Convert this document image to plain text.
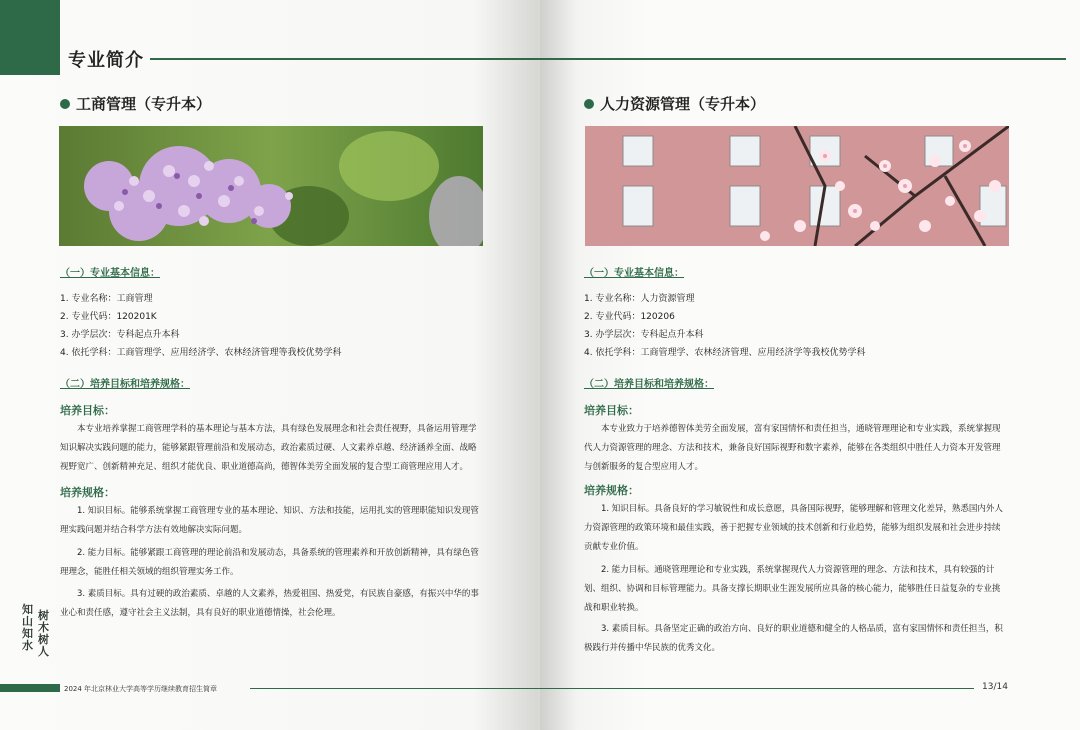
专业简介
工商管理（专升本）
（一）专业基本信息：
1. 专业名称：工商管理
2. 专业代码：120201K
3. 办学层次：专科起点升本科
4. 依托学科：工商管理学、应用经济学、农林经济管理等我校优势学科
（二）培养目标和培养规格：
培养目标：

本专业培养掌握工商管理学科的基本理论与基本方法，具有绿色发展理念和社会责任视野，具备运用管理学知识解决实践问题的能力，能够紧跟管理前沿和发展动态，政治素质过硬、人文素养卓越、经济涵养全面、战略视野宽广、创新精神充足、组织才能优良、职业道德高尚，德智体美劳全面发展的复合型工商管理应用人才。

培养规格：

1. 知识目标。能够系统掌握工商管理专业的基本理论、知识、方法和技能，运用扎实的管理职能知识发现管理实践问题并结合科学方法有效地解决实际问题。

2. 能力目标。能够紧跟工商管理的理论前沿和发展动态，具备系统的管理素养和开放创新精神，具有绿色管理理念，能胜任相关领域的组织管理实务工作。

3. 素质目标。具有过硬的政治素质、卓越的人文素养，热爱祖国、热爱党，有民族自豪感，有振兴中华的事业心和责任感，遵守社会主义法制，具有良好的职业道德情操，社会伦理。

知山知水
树木树人
人力资源管理（专升本）
（一）专业基本信息：
1. 专业名称：人力资源管理
2. 专业代码：120206
3. 办学层次：专科起点升本科
4. 依托学科：工商管理学、农林经济管理、应用经济学等我校优势学科
（二）培养目标和培养规格：
培养目标：

本专业致力于培养德智体美劳全面发展，富有家国情怀和责任担当，通晓管理理论和专业实践，系统掌握现代人力资源管理的理念、方法和技术，兼备良好国际视野和数字素养，能够在各类组织中胜任人力资本开发管理与创新服务的复合型应用人才。

培养规格：

1. 知识目标。具备良好的学习敏锐性和成长意愿，具备国际视野，能够理解和管理文化差异，熟悉国内外人力资源管理的政策环境和最佳实践，善于把握专业领域的技术创新和行业趋势，能够为组织发展和社会进步持续贡献专业价值。

2. 能力目标。通晓管理理论和专业实践，系统掌握现代人力资源管理的理念、方法和技术，具有较强的计划、组织、协调和目标管理能力。具备支撑长期职业生涯发展所应具备的核心能力，能够胜任日益复杂的专业挑战和职业转换。

3. 素质目标。具备坚定正确的政治方向、良好的职业道德和健全的人格品质，富有家国情怀和责任担当，积极践行并传播中华民族的优秀文化。

2024 年北京林业大学高等学历继续教育招生简章	13/14
